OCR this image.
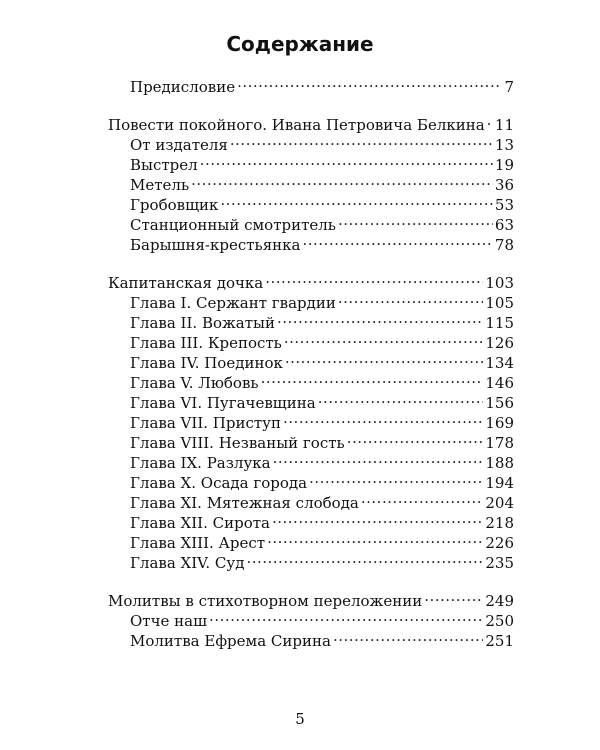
Содержание
Предисловие .....	7
Повести покойного. Ивана Петровича Белкина ..... 11
От издателя .....	13
Выстрел .....	19
Метель .....	36
Гробовщик .....	53
Станционный смотритель .....	63
Барышня-крестьянка .....	78
Капитанская дочка .....	103
Глава I. Сержант гвардии .....	105
Глава II. Вожатый .....	115
Глава III. Крепость .....	126
Глава IV. Поединок .....	134
Глава V. Любовь .....	146
Глава VI. Пугачевщина .....	156
Глава VII. Приступ .....	169
Глава VIII. Незваный гость .....	178
Глава IX. Разлука .....	188
Глава X. Осада города .....	194
Глава XI. Мятежная слобода .....	204
Глава XII. Сирота .....	218
Глава XIII. Арест .....	226
Глава XIV. Суд .....	235
Молитвы в стихотворном переложении .....	249
Отче наш .....	250
Молитва Ефрема Сирина .....	251
5
